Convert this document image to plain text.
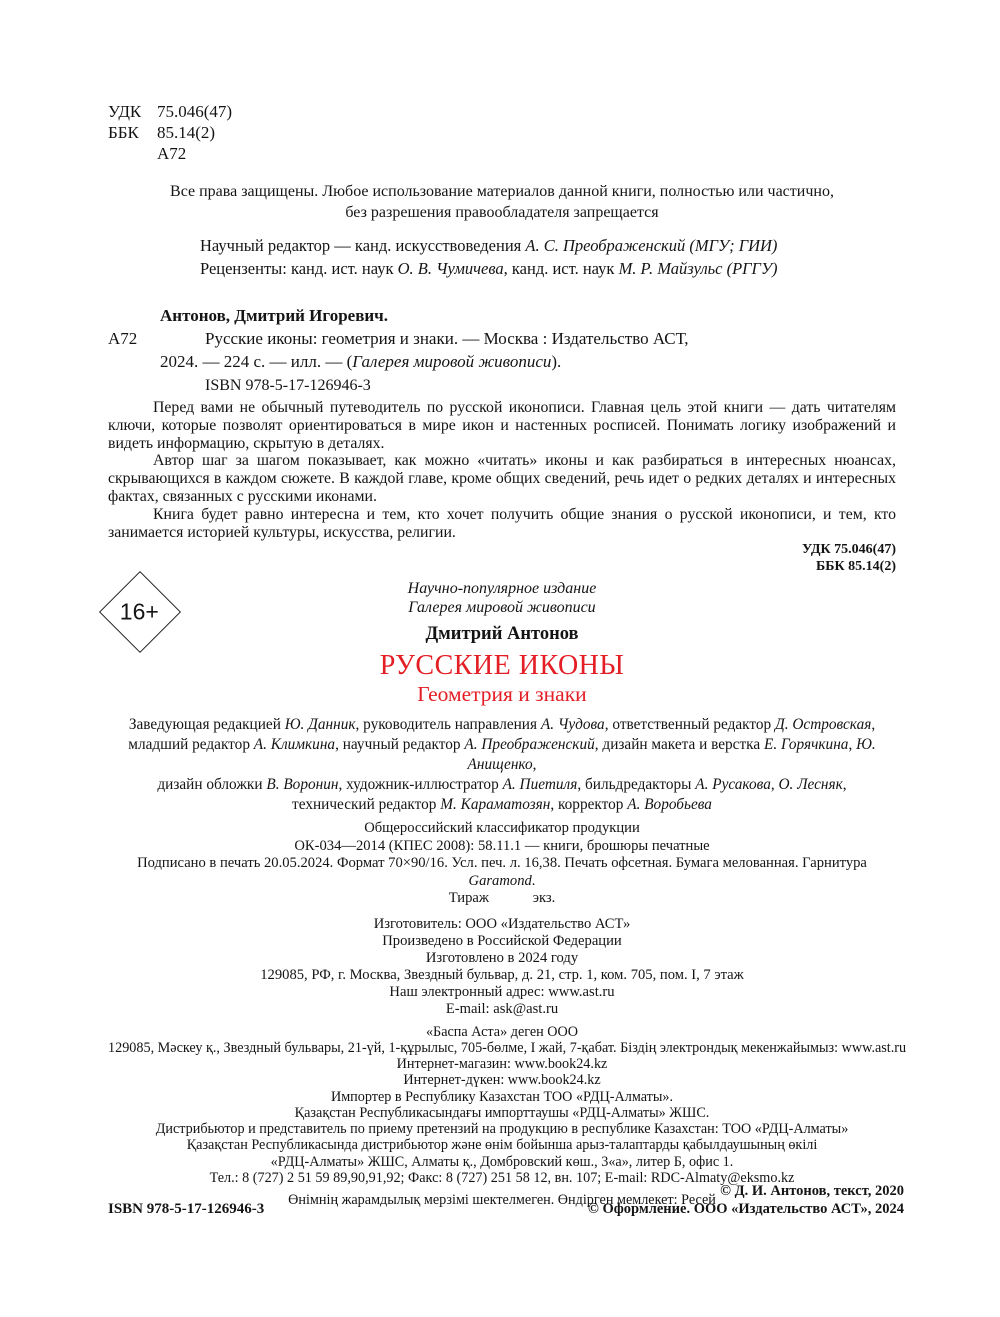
УДК 75.046(47)
ББК 85.14(2)
А72
Все права защищены. Любое использование материалов данной книги, полностью или частично,
без разрешения правообладателя запрещается
Научный редактор — канд. искусствоведения А. С. Преображенский (МГУ; ГИИ)
Рецензенты: канд. ист. наук О. В. Чумичева, канд. ист. наук М. Р. Майзульс (РГГУ)
А72

Антонов, Дмитрий Игоревич.

Русские иконы: геометрия и знаки. — Москва : Издательство АСТ,

2024. — 224 с. — илл. — (Галерея мировой живописи).

ISBN 978-5-17-126946-3

Перед вами не обычный путеводитель по русской иконописи. Главная цель этой книги — дать читателям ключи, которые позволят ориентироваться в мире икон и настенных росписей. Понимать логику изображений и видеть информацию, скрытую в деталях.

Автор шаг за шагом показывает, как можно «читать» иконы и как разбираться в интересных нюансах, скрывающихся в каждом сюжете. В каждой главе, кроме общих сведений, речь идет о редких деталях и интересных фактах, связанных с русскими иконами.

Книга будет равно интересна и тем, кто хочет получить общие знания о русской иконописи, и тем, кто занимается историей культуры, искусства, религии.

УДК 75.046(47)
ББК 85.14(2)
Научно-популярное издание
Галерея мировой живописи
Дмитрий Антонов
РУССКИЕ ИКОНЫ
Геометрия и знаки
Заведующая редакцией Ю. Данник, руководитель направления А. Чудова, ответственный редактор Д. Островская,
младший редактор А. Климкина, научный редактор А. Преображенский, дизайн макета и верстка Е. Горячкина, Ю. Анищенко,
дизайн обложки В. Воронин, художник-иллюстратор А. Пиетиля, бильдредакторы А. Русакова, О. Лесняк,
технический редактор М. Караматозян, корректор А. Воробьева
Общероссийский классификатор продукции
ОК-034—2014 (КПЕС 2008): 58.11.1 — книги, брошюры печатные
Подписано в печать 20.05.2024. Формат 70×90/16. Усл. печ. л. 16,38. Печать офсетная. Бумага мелованная. Гарнитура Garamond.
Тираж            экз.
Изготовитель: ООО «Издательство АСТ»
Произведено в Российской Федерации
Изготовлено в 2024 году
129085, РФ, г. Москва, Звездный бульвар, д. 21, стр. 1, ком. 705, пом. I, 7 этаж
Наш электронный адрес: www.ast.ru
E-mail: ask@ast.ru
«Баспа Аста» деген ООО
129085, Мәскеу қ., Звездный бульвары, 21-үй, 1-құрылыс, 705-бөлме, I жай, 7-қабат. Біздің электрондық мекенжайымыз: www.ast.ru
Интернет-магазин: www.book24.kz
Интернет-дүкен: www.book24.kz
Импортер в Республику Казахстан ТОО «РДЦ-Алматы».
Қазақстан Республикасындағы импорттаушы «РДЦ-Алматы» ЖШС.
Дистрибьютор и представитель по приему претензий на продукцию в республике Казахстан: ТОО «РДЦ-Алматы»
Қазақстан Республикасында дистрибьютор және өнім бойынша арыз-талаптарды қабылдаушының өкілі
«РДЦ-Алматы» ЖШС, Алматы қ., Домбровский көш., 3«а», литер Б, офис 1.
Тел.: 8 (727) 2 51 59 89,90,91,92; Факс: 8 (727) 251 58 12, вн. 107; E-mail: RDC-Almaty@eksmo.kz
Өнімнің жарамдылық мерзімі шектелмеген. Өндірген мемлекет: Ресей
16+
ISBN 978-5-17-126946-3
© Д. И. Антонов, текст, 2020
© Оформление. ООО «Издательство АСТ», 2024
